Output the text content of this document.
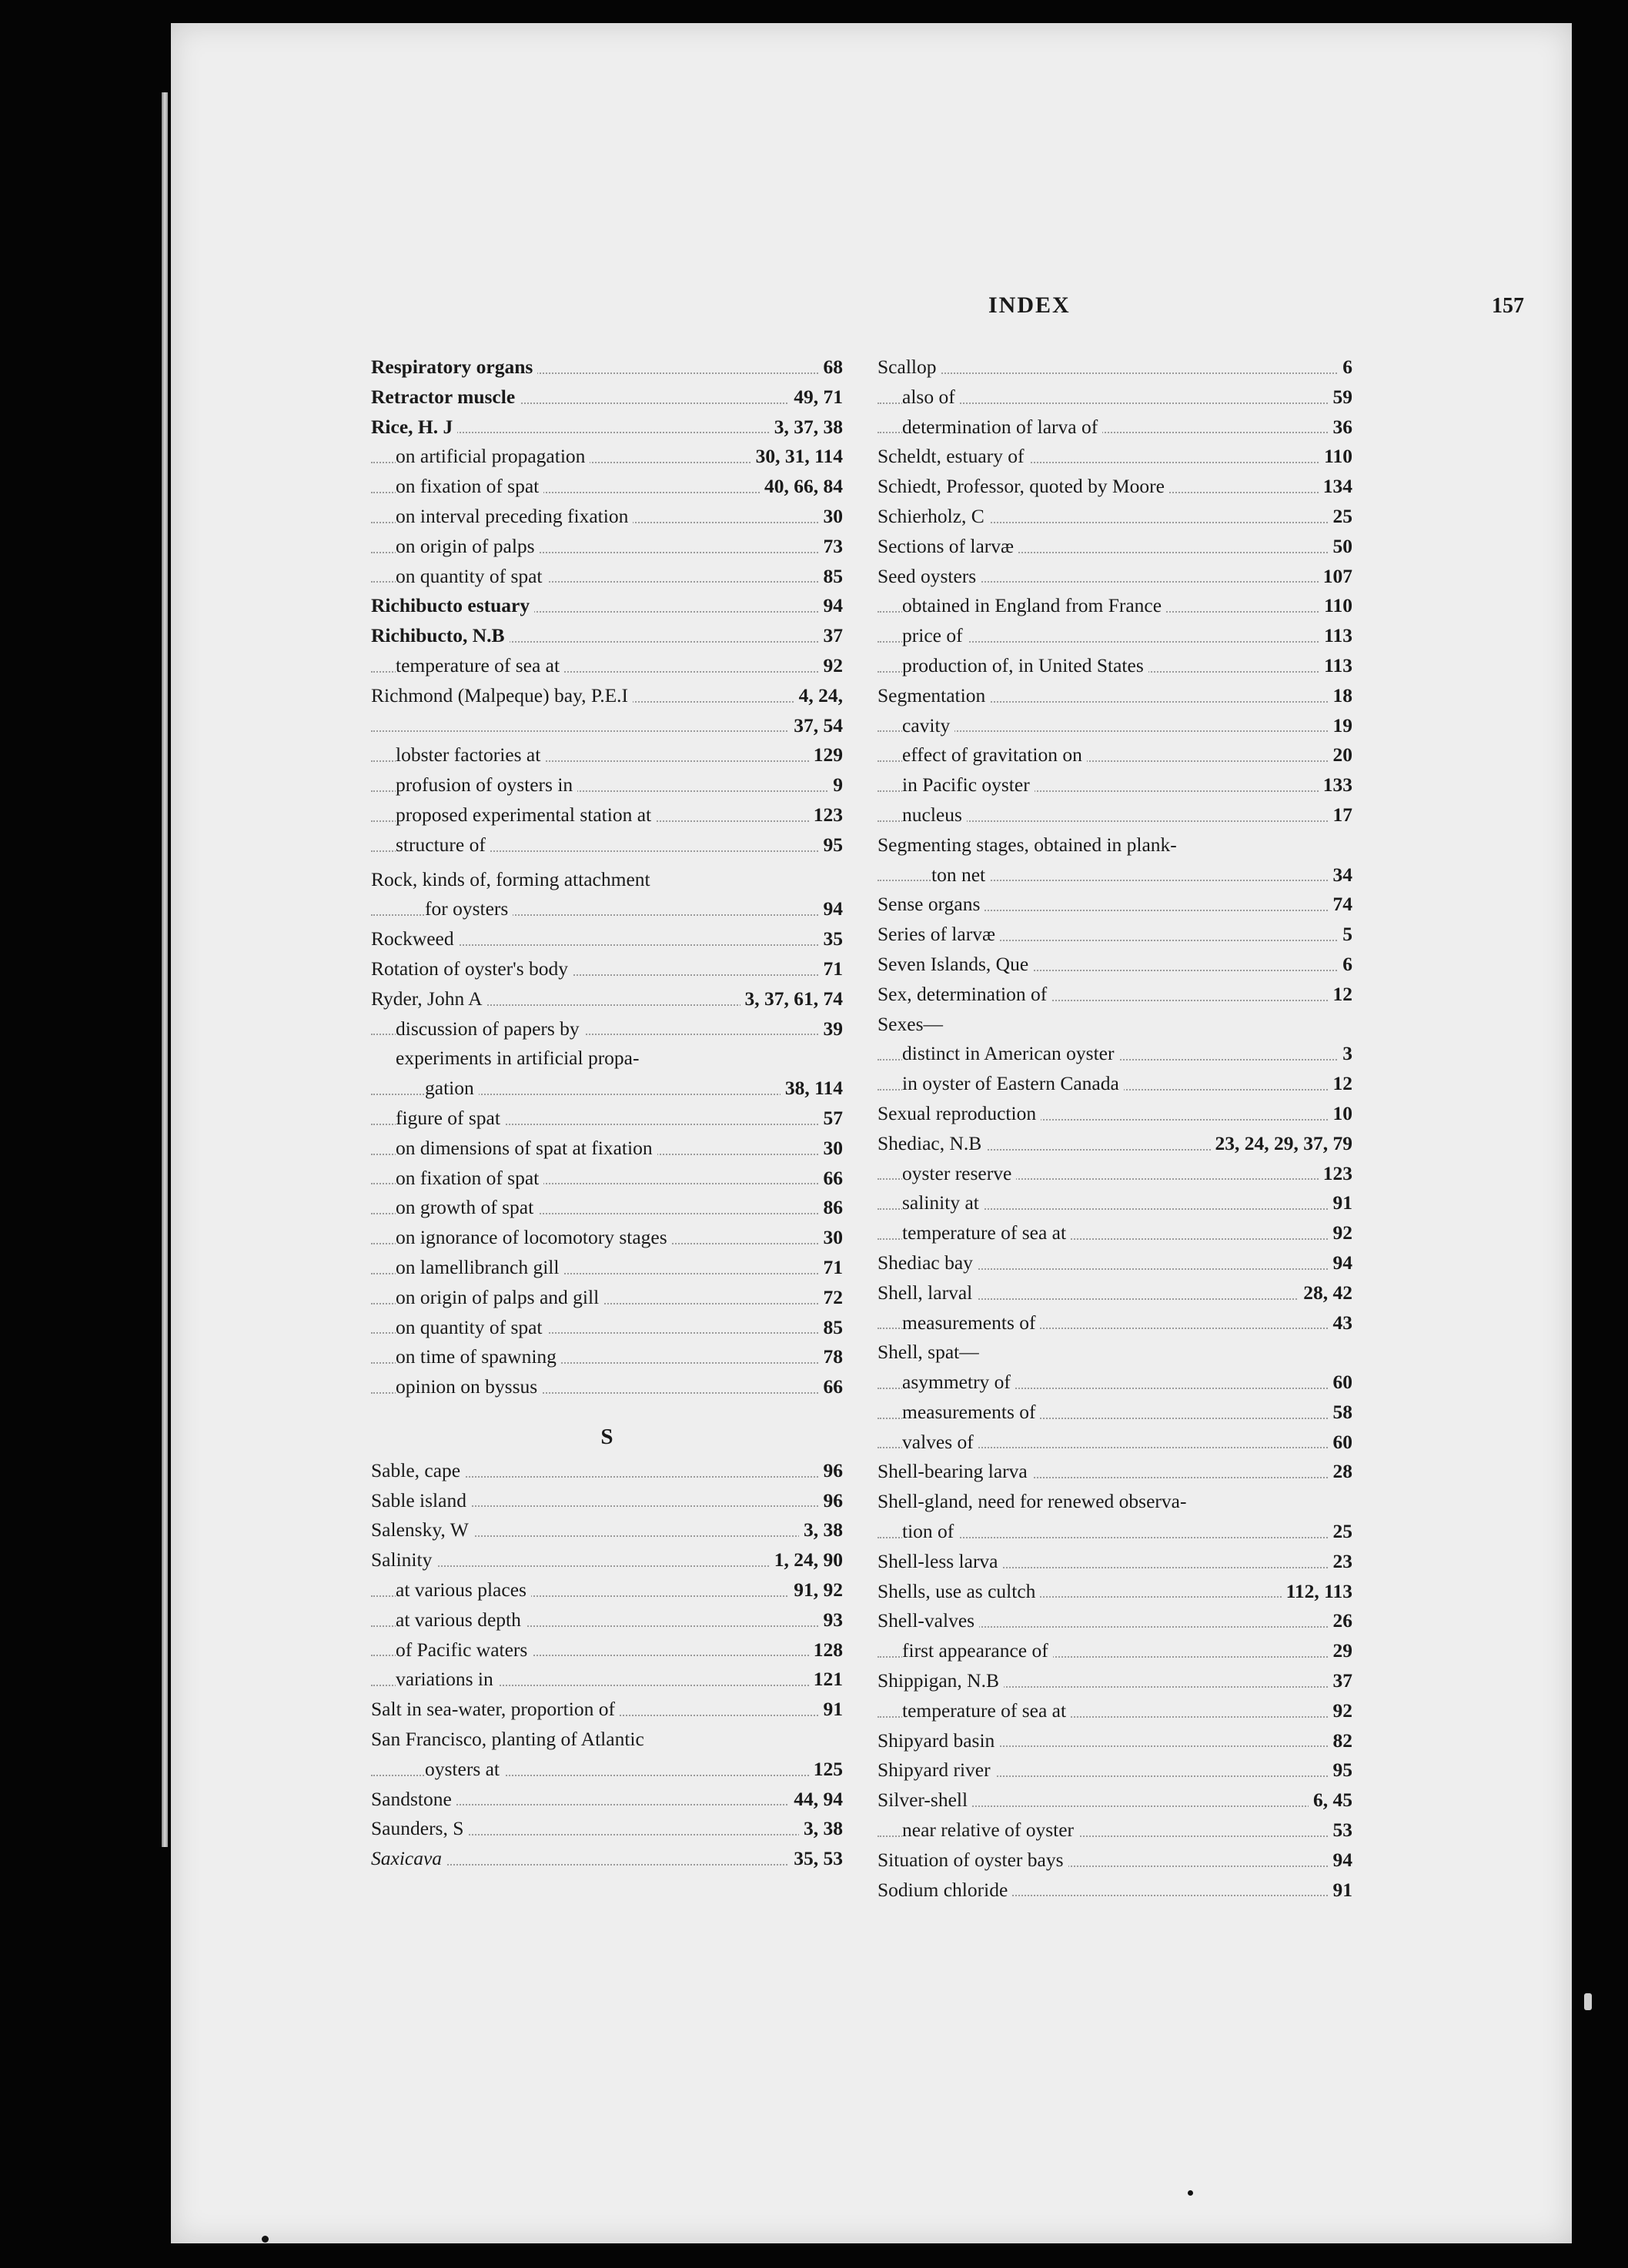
INDEX	157
Respiratory organs	68
Retractor muscle	49, 71
Rice, H. J	3, 37, 38
on artificial propagation	30, 31, 114
on fixation of spat	40, 66, 84
on interval preceding fixation	30
on origin of palps	73
on quantity of spat	85
Richibucto estuary	94
Richibucto, N.B	37
temperature of sea at	92
Richmond (Malpeque) bay, P.E.I	4, 24,
37, 54
lobster factories at	129
profusion of oysters in	9
proposed experimental station at	123
structure of	95
Rock, kinds of, forming attachment
for oysters	94
Rockweed	35
Rotation of oyster's body	71
Ryder, John A	3, 37, 61, 74
discussion of papers by	39
experiments in artificial propa-
gation	38, 114
figure of spat	57
on dimensions of spat at fixation	30
on fixation of spat	66
on growth of spat	86
on ignorance of locomotory stages	30
on lamellibranch gill	71
on origin of palps and gill	72
on quantity of spat	85
on time of spawning	78
opinion on byssus	66
S
Sable, cape	96
Sable island	96
Salensky, W	3, 38
Salinity	1, 24, 90
at various places	91, 92
at various depth	93
of Pacific waters	128
variations in	121
Salt in sea-water, proportion of	91
San Francisco, planting of Atlantic
oysters at	125
Sandstone	44, 94
Saunders, S	3, 38
Saxicava	35, 53
Scallop	6
also of	59
determination of larva of	36
Scheldt, estuary of	110
Schiedt, Professor, quoted by Moore	134
Schierholz, C	25
Sections of larvæ	50
Seed oysters	107
obtained in England from France	110
price of	113
production of, in United States	113
Segmentation	18
cavity	19
effect of gravitation on	20
in Pacific oyster	133
nucleus	17
Segmenting stages, obtained in plank-
ton net	34
Sense organs	74
Series of larvæ	5
Seven Islands, Que	6
Sex, determination of	12
Sexes—
distinct in American oyster	3
in oyster of Eastern Canada	12
Sexual reproduction	10
Shediac, N.B	23, 24, 29, 37, 79
oyster reserve	123
salinity at	91
temperature of sea at	92
Shediac bay	94
Shell, larval	28, 42
measurements of	43
Shell, spat—
asymmetry of	60
measurements of	58
valves of	60
Shell-bearing larva	28
Shell-gland, need for renewed observa-
tion of	25
Shell-less larva	23
Shells, use as cultch	112, 113
Shell-valves	26
first appearance of	29
Shippigan, N.B	37
temperature of sea at	92
Shipyard basin	82
Shipyard river	95
Silver-shell	6, 45
near relative of oyster	53
Situation of oyster bays	94
Sodium chloride	91
